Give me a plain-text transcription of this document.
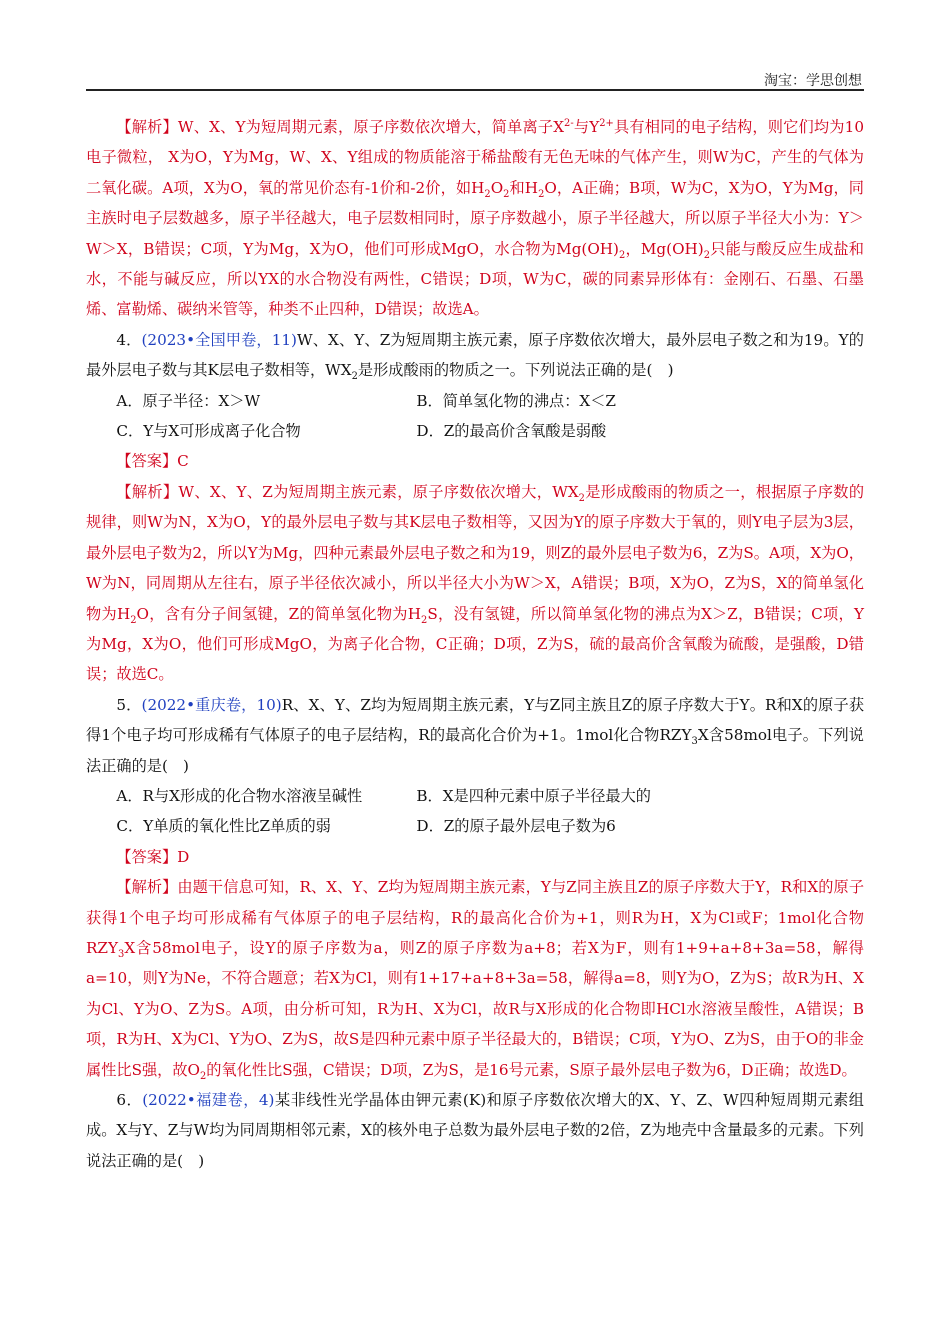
淘宝：学思创想

【解析】W、X、Y为短周期元素，原子序数依次增大，简单离子$X^{2-}$与$Y^{2+}$具有相同的电子结构，则它们均为10电子微粒， X为O，Y为Mg，W、X、Y组成的物质能溶于稀盐酸有无色无味的气体产生，则W为C，产生的气体为二氧化碳。A项，X为O，氧的常见价态有-1价和-2价，如$H_2O_2$和$H_2O$，A正确；B项，W为C，X为O，Y为Mg，同主族时电子层数越多，原子半径越大，电子层数相同时，原子序数越小，原子半径越大，所以原子半径大小为：Y＞W＞X，B错误；C项，Y为Mg，X为O，他们可形成MgO，水合物为$Mg(OH)_2$，$Mg(OH)_2$只能与酸反应生成盐和水，不能与碱反应，所以YX的水合物没有两性，C错误；D项，W为C，碳的同素异形体有：金刚石、石墨、石墨烯、富勒烯、碳纳米管等，种类不止四种，D错误；故选A。

4．(2023•全国甲卷，11)W、X、Y、Z为短周期主族元素，原子序数依次增大，最外层电子数之和为19。Y的最外层电子数与其K层电子数相等，$WX_2$是形成酸雨的物质之一。下列说法正确的是(　)

A．原子半径：X＞W	B．简单氢化物的沸点：X＜Z
C．Y与X可形成离子化合物	D．Z的最高价含氧酸是弱酸

【答案】C

【解析】W、X、Y、Z为短周期主族元素，原子序数依次增大，$WX_2$是形成酸雨的物质之一，根据原子序数的规律，则W为N，X为O，Y的最外层电子数与其K层电子数相等，又因为Y的原子序数大于氧的，则Y电子层为3层，最外层电子数为2，所以Y为Mg，四种元素最外层电子数之和为19，则Z的最外层电子数为6，Z为S。A项，X为O，W为N，同周期从左往右，原子半径依次减小，所以半径大小为W＞X，A错误；B项，X为O，Z为S，X的简单氢化物为$H_2O$，含有分子间氢键，Z的简单氢化物为$H_2S$，没有氢键，所以简单氢化物的沸点为X＞Z，B错误；C项，Y为Mg，X为O，他们可形成MgO，为离子化合物，C正确；D项，Z为S，硫的最高价含氧酸为硫酸，是强酸，D错误；故选C。

5．(2022•重庆卷，10)R、X、Y、Z均为短周期主族元素，Y与Z同主族且Z的原子序数大于Y。R和X的原子获得1个电子均可形成稀有气体原子的电子层结构，R的最高化合价为+1。1mol化合物$RZY_3X$含58mol电子。下列说法正确的是(　)

A．R与X形成的化合物水溶液呈碱性	B．X是四种元素中原子半径最大的
C．Y单质的氧化性比Z单质的弱	D．Z的原子最外层电子数为6

【答案】D

【解析】由题干信息可知，R、X、Y、Z均为短周期主族元素，Y与Z同主族且Z的原子序数大于Y，R和X的原子获得1个电子均可形成稀有气体原子的电子层结构，R的最高化合价为+1，则R为H，X为Cl或F；1mol化合物$RZY_3X$含58mol电子，设Y的原子序数为a，则Z的原子序数为a+8；若X为F，则有1+9+a+8+3a=58，解得a=10，则Y为Ne，不符合题意；若X为Cl，则有1+17+a+8+3a=58，解得a=8，则Y为O，Z为S；故R为H、X为Cl、Y为O、Z为S。A项，由分析可知，R为H、X为Cl，故R与X形成的化合物即HCl水溶液呈酸性，A错误；B项，R为H、X为Cl、Y为O、Z为S，故S是四种元素中原子半径最大的，B错误；C项，Y为O、Z为S，由于O的非金属性比S强，故$O_2$的氧化性比S强，C错误；D项，Z为S，是16号元素，S原子最外层电子数为6，D正确；故选D。

6．(2022•福建卷，4)某非线性光学晶体由钾元素(K)和原子序数依次增大的X、Y、Z、W四种短周期元素组成。X与Y、Z与W均为同周期相邻元素，X的核外电子总数为最外层电子数的2倍，Z为地壳中含量最多的元素。下列说法正确的是(　)
